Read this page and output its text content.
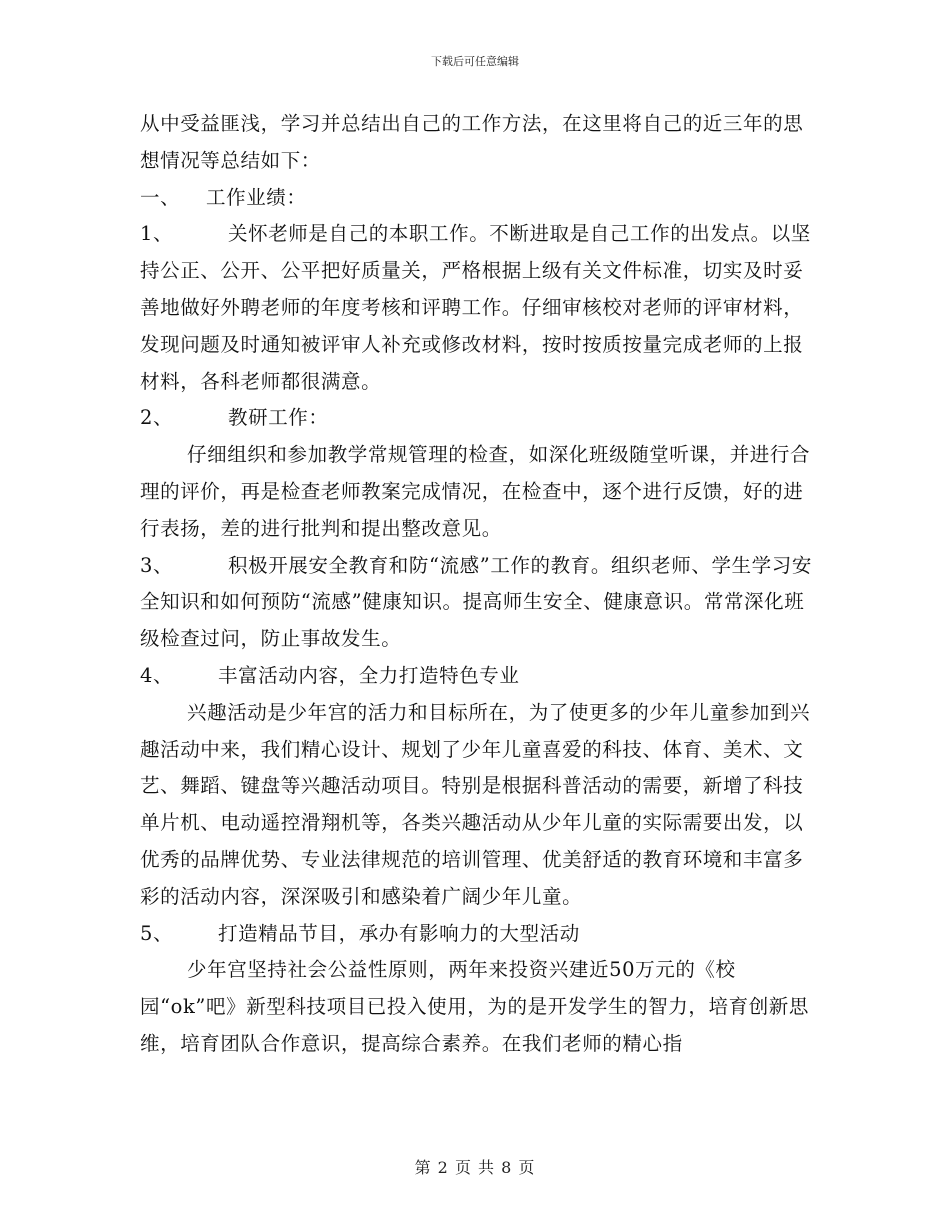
下载后可任意编辑

从中受益匪浅，学习并总结出自己的工作方法，在这里将自己的近三年的思想情况等总结如下：

一、 工作业绩：

1、	关怀老师是自己的本职工作。不断进取是自己工作的出发点。以坚持公正、公开、公平把好质量关，严格根据上级有关文件标准，切实及时妥善地做好外聘老师的年度考核和评聘工作。仔细审核校对老师的评审材料，发现问题及时通知被评审人补充或修改材料，按时按质按量完成老师的上报材料，各科老师都很满意。

2、	教研工作：

仔细组织和参加教学常规管理的检查，如深化班级随堂听课，并进行合理的评价，再是检查老师教案完成情况，在检查中，逐个进行反馈，好的进行表扬，差的进行批判和提出整改意见。

3、	积极开展安全教育和防“流感”工作的教育。组织老师、学生学习安全知识和如何预防“流感”健康知识。提高师生安全、健康意识。常常深化班级检查过问，防止事故发生。

4、 丰富活动内容，全力打造特色专业

兴趣活动是少年宫的活力和目标所在，为了使更多的少年儿童参加到兴趣活动中来，我们精心设计、规划了少年儿童喜爱的科技、体育、美术、文艺、舞蹈、键盘等兴趣活动项目。特别是根据科普活动的需要，新增了科技单片机、电动遥控滑翔机等，各类兴趣活动从少年儿童的实际需要出发，以优秀的品牌优势、专业法律规范的培训管理、优美舒适的教育环境和丰富多彩的活动内容，深深吸引和感染着广阔少年儿童。

5、 打造精品节目，承办有影响力的大型活动

少年宫坚持社会公益性原则，两年来投资兴建近50万元的《校园“ok”吧》新型科技项目已投入使用，为的是开发学生的智力，培育创新思维，培育团队合作意识，提高综合素养。在我们老师的精心指

第 2 页 共 8 页
